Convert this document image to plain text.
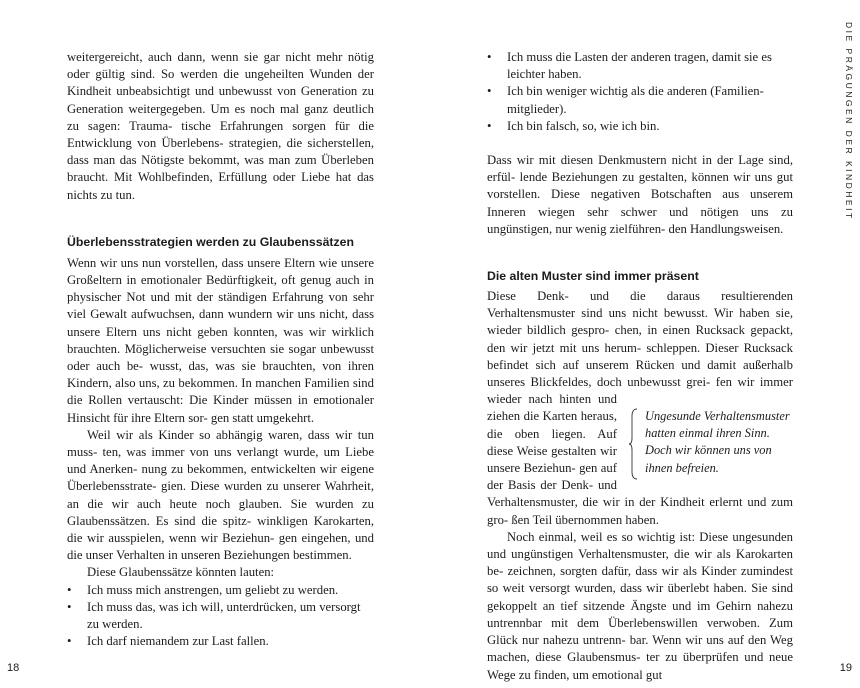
weitergereicht, auch dann, wenn sie gar nicht mehr nötig oder gültig sind. So werden die ungeheilten Wunden der Kindheit unbeabsichtigt und unbewusst von Generation zu Generation weitergegeben. Um es noch mal ganz deutlich zu sagen: Trauma- tische Erfahrungen sorgen für die Entwicklung von Überlebens- strategien, die sicherstellen, dass man das Nötigste bekommt, was man zum Überleben braucht. Mit Wohlbefinden, Erfüllung oder Liebe hat das nichts zu tun.

Überlebensstrategien werden zu Glaubenssätzen

Wenn wir uns nun vorstellen, dass unsere Eltern wie unsere Großeltern in emotionaler Bedürftigkeit, oft genug auch in physischer Not und mit der ständigen Erfahrung von sehr viel Gewalt aufwuchsen, dann wundern wir uns nicht, dass unsere Eltern uns nicht geben konnten, was wir wirklich brauchten. Möglicherweise versuchten sie sogar unbewusst oder auch be- wusst, das, was sie brauchten, von ihren Kindern, also uns, zu bekommen. In manchen Familien sind die Rollen vertauscht: Die Kinder müssen in emotionaler Hinsicht für ihre Eltern sor- gen statt umgekehrt.

Weil wir als Kinder so abhängig waren, dass wir tun muss- ten, was immer von uns verlangt wurde, um Liebe und Anerken- nung zu bekommen, entwickelten wir eigene Überlebensstrate- gien. Diese wurden zu unserer Wahrheit, an die wir auch heute noch glauben. Sie wurden zu Glaubenssätzen. Es sind die spitz- winkligen Karokarten, die wir ausspielen, wenn wir Beziehun- gen eingehen, und die unser Verhalten in unseren Beziehungen bestimmen.

Diese Glaubenssätze könnten lauten:

• Ich muss mich anstrengen, um geliebt zu werden.
• Ich muss das, was ich will, unterdrücken, um versorgt zu werden.
• Ich darf niemandem zur Last fallen.
18
• Ich muss die Lasten der anderen tragen, damit sie es leichter haben.
• Ich bin weniger wichtig als die anderen (Familien- mitglieder).
• Ich bin falsch, so, wie ich bin.

Dass wir mit diesen Denkmustern nicht in der Lage sind, erfül- lende Beziehungen zu gestalten, können wir uns gut vorstellen. Diese negativen Botschaften aus unserem Inneren wiegen sehr schwer und nötigen uns zu ungünstigen, nur wenig zielführen- den Handlungsweisen.

Die alten Muster sind immer präsent
Ungesunde Verhaltensmuster hatten einmal ihren Sinn. Doch wir können uns von ihnen befreien.

Diese Denk- und die daraus resultierenden Verhaltensmuster sind uns nicht bewusst. Wir haben sie, wieder bildlich gespro- chen, in einen Rucksack gepackt, den wir jetzt mit uns herum- schleppen. Dieser Rucksack befindet sich auf unserem Rücken und damit außerhalb unseres Blickfeldes, doch unbewusst grei- fen wir immer wieder nach hinten und ziehen die Karten heraus, die oben liegen. Auf diese Weise gestalten wir unsere Beziehun- gen auf der Basis der Denk- und Verhaltensmuster, die wir in der Kindheit erlernt und zum gro- ßen Teil übernommen haben.

Noch einmal, weil es so wichtig ist: Diese ungesunden und ungünstigen Verhaltensmuster, die wir als Karokarten be- zeichnen, sorgten dafür, dass wir als Kinder zumindest so weit versorgt wurden, dass wir überlebt haben. Sie sind gekoppelt an tief sitzende Ängste und im Gehirn nahezu untrennbar mit dem Überlebenswillen verwoben. Zum Glück nur nahezu untrenn- bar. Wenn wir uns auf den Weg machen, diese Glaubensmus- ter zu überprüfen und neue Wege zu finden, um emotional gut

DIE PRÄGUNGEN DER KINDHEIT
19
